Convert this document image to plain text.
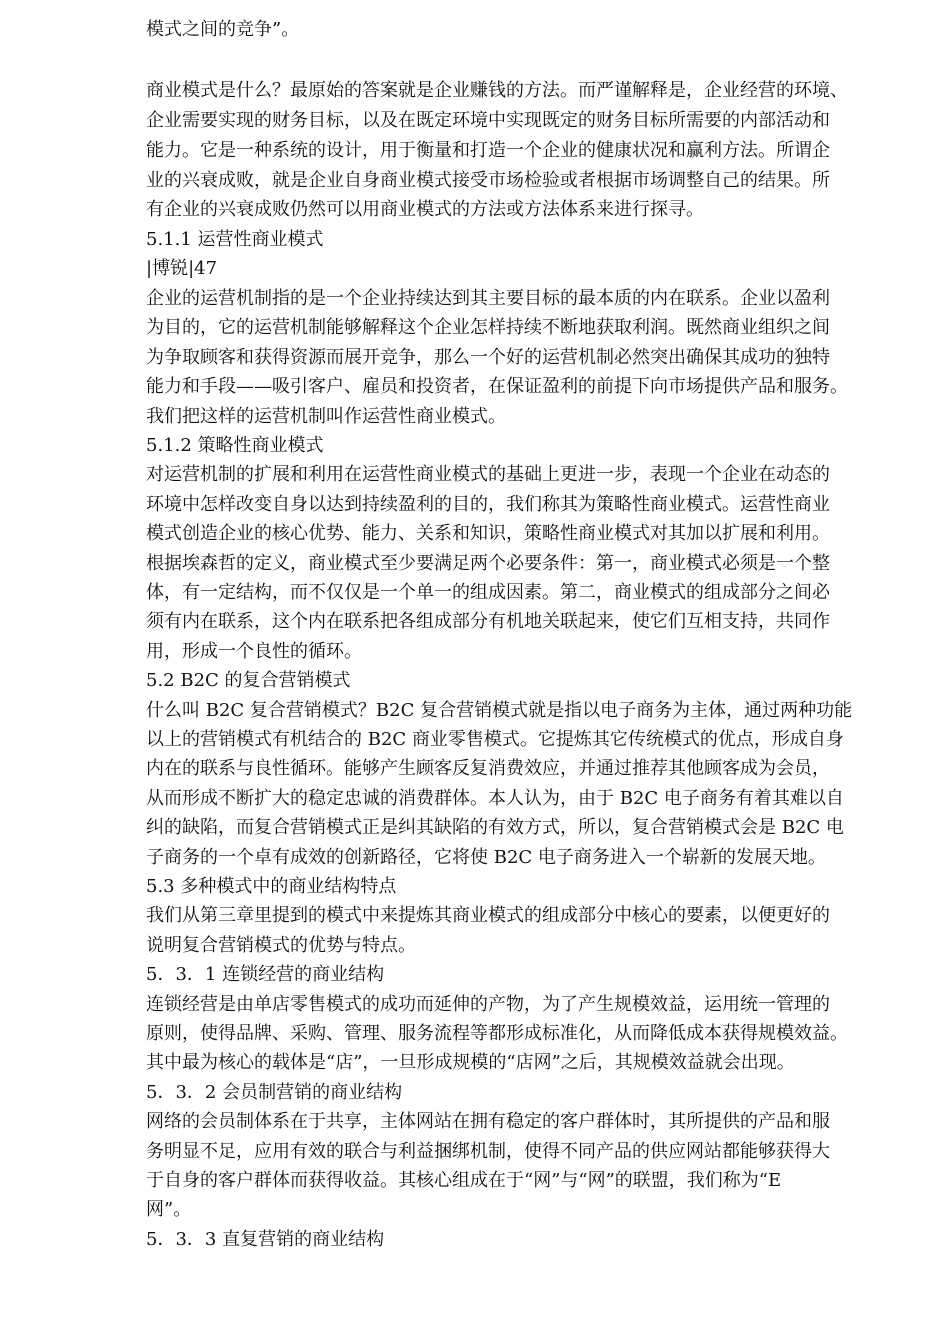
模式之间的竞争”。
商业模式是什么？最原始的答案就是企业赚钱的方法。而严谨解释是，企业经营的环境、
企业需要实现的财务目标，以及在既定环境中实现既定的财务目标所需要的内部活动和
能力。它是一种系统的设计，用于衡量和打造一个企业的健康状况和赢利方法。所谓企
业的兴衰成败，就是企业自身商业模式接受市场检验或者根据市场调整自己的结果。所
有企业的兴衰成败仍然可以用商业模式的方法或方法体系来进行探寻。
5.1.1 运营性商业模式
|博锐|47
企业的运营机制指的是一个企业持续达到其主要目标的最本质的内在联系。企业以盈利
为目的，它的运营机制能够解释这个企业怎样持续不断地获取利润。既然商业组织之间
为争取顾客和获得资源而展开竞争，那么一个好的运营机制必然突出确保其成功的独特
能力和手段——吸引客户、雇员和投资者，在保证盈利的前提下向市场提供产品和服务。
我们把这样的运营机制叫作运营性商业模式。
5.1.2 策略性商业模式
对运营机制的扩展和利用在运营性商业模式的基础上更进一步，表现一个企业在动态的
环境中怎样改变自身以达到持续盈利的目的，我们称其为策略性商业模式。运营性商业
模式创造企业的核心优势、能力、关系和知识，策略性商业模式对其加以扩展和利用。
根据埃森哲的定义，商业模式至少要满足两个必要条件：第一，商业模式必须是一个整
体，有一定结构，而不仅仅是一个单一的组成因素。第二，商业模式的组成部分之间必
须有内在联系，这个内在联系把各组成部分有机地关联起来，使它们互相支持，共同作
用，形成一个良性的循环。
5.2 B2C 的复合营销模式
什么叫 B2C 复合营销模式？B2C 复合营销模式就是指以电子商务为主体，通过两种功能
以上的营销模式有机结合的 B2C 商业零售模式。它提炼其它传统模式的优点，形成自身
内在的联系与良性循环。能够产生顾客反复消费效应，并通过推荐其他顾客成为会员，
从而形成不断扩大的稳定忠诚的消费群体。本人认为，由于 B2C 电子商务有着其难以自
纠的缺陷，而复合营销模式正是纠其缺陷的有效方式，所以，复合营销模式会是 B2C 电
子商务的一个卓有成效的创新路径，它将使 B2C 电子商务进入一个崭新的发展天地。
5.3 多种模式中的商业结构特点
我们从第三章里提到的模式中来提炼其商业模式的组成部分中核心的要素，以便更好的
说明复合营销模式的优势与特点。
5．3．1 连锁经营的商业结构
连锁经营是由单店零售模式的成功而延伸的产物，为了产生规模效益，运用统一管理的
原则，使得品牌、采购、管理、服务流程等都形成标准化，从而降低成本获得规模效益。
其中最为核心的载体是“店”，一旦形成规模的“店网”之后，其规模效益就会出现。
5．3．2 会员制营销的商业结构
网络的会员制体系在于共享，主体网站在拥有稳定的客户群体时，其所提供的产品和服
务明显不足，应用有效的联合与利益捆绑机制，使得不同产品的供应网站都能够获得大
于自身的客户群体而获得收益。其核心组成在于“网”与“网”的联盟，我们称为“E
网”。
5．3．3 直复营销的商业结构
